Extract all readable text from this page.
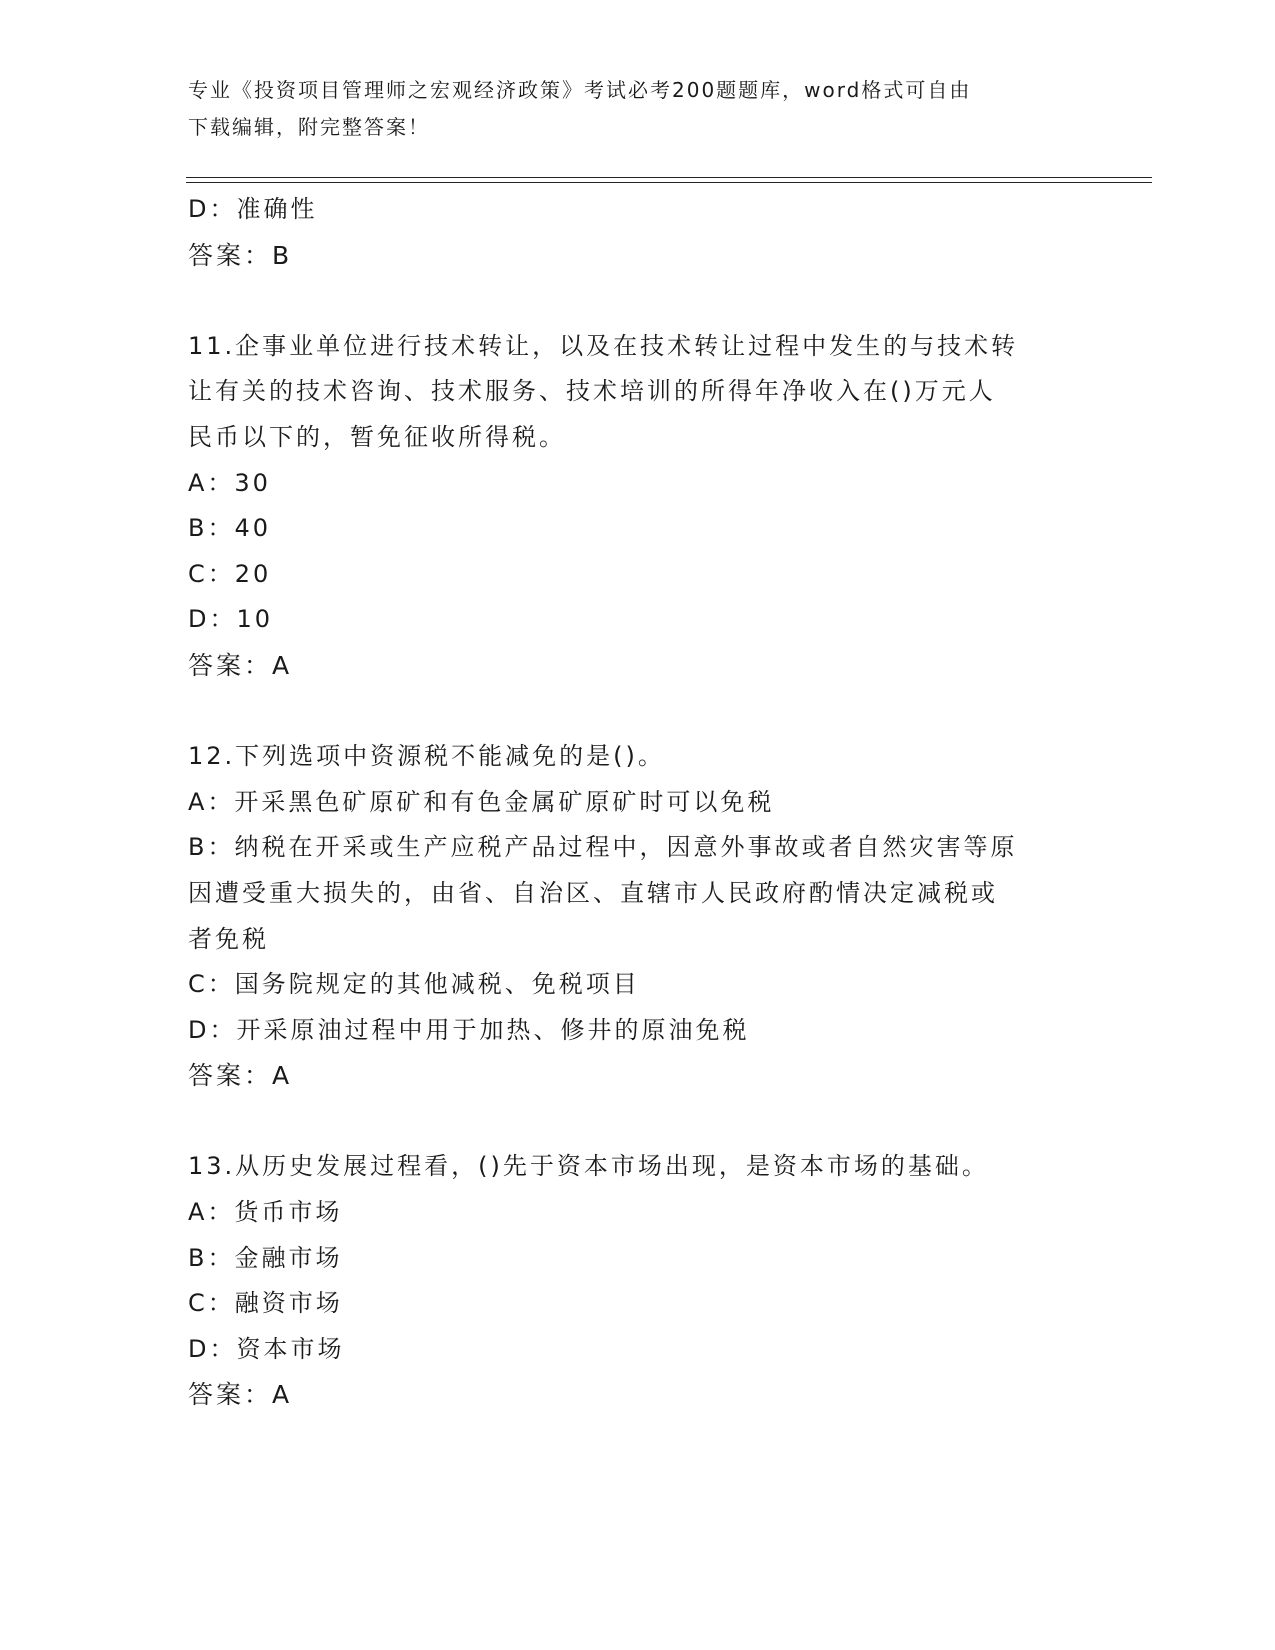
专业《投资项目管理师之宏观经济政策》考试必考200题题库，word格式可自由
下载编辑，附完整答案！
D：准确性
答案：B
11.企事业单位进行技术转让，以及在技术转让过程中发生的与技术转
让有关的技术咨询、技术服务、技术培训的所得年净收入在()万元人
民币以下的，暂免征收所得税。
A：30
B：40
C：20
D：10
答案：A
12.下列选项中资源税不能减免的是()。
A：开采黑色矿原矿和有色金属矿原矿时可以免税
B：纳税在开采或生产应税产品过程中，因意外事故或者自然灾害等原
因遭受重大损失的，由省、自治区、直辖市人民政府酌情决定减税或
者免税
C：国务院规定的其他减税、免税项目
D：开采原油过程中用于加热、修井的原油免税
答案：A
13.从历史发展过程看，()先于资本市场出现，是资本市场的基础。
A：货币市场
B：金融市场
C：融资市场
D：资本市场
答案：A
